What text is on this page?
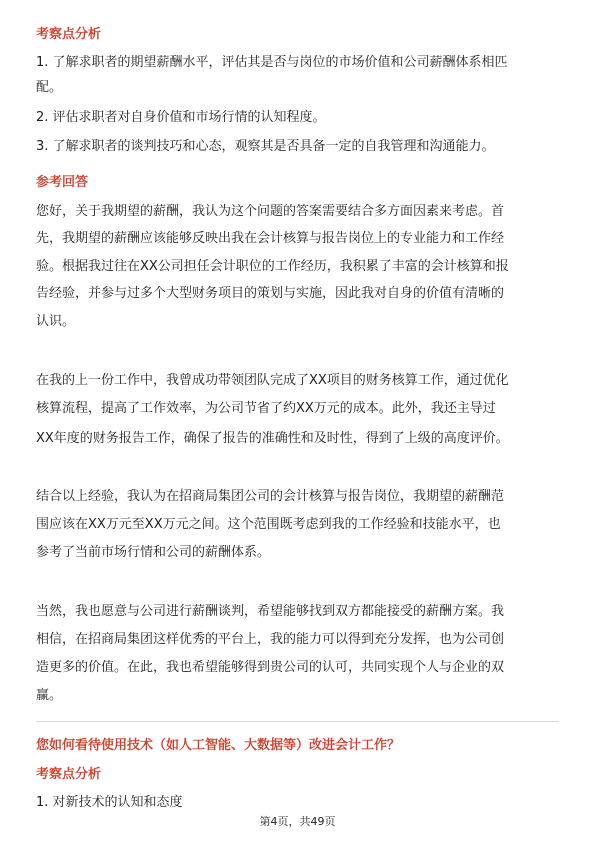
考察点分析
1. 了解求职者的期望薪酬水平，评估其是否与岗位的市场价值和公司薪酬体系相匹
配。
2. 评估求职者对自身价值和市场行情的认知程度。
3. 了解求职者的谈判技巧和心态，观察其是否具备一定的自我管理和沟通能力。
参考回答
您好，关于我期望的薪酬，我认为这个问题的答案需要结合多方面因素来考虑。首
先，我期望的薪酬应该能够反映出我在会计核算与报告岗位上的专业能力和工作经
验。根据我过往在XX公司担任会计职位的工作经历，我积累了丰富的会计核算和报
告经验，并参与过多个大型财务项目的策划与实施，因此我对自身的价值有清晰的
认识。
在我的上一份工作中，我曾成功带领团队完成了XX项目的财务核算工作，通过优化
核算流程，提高了工作效率，为公司节省了约XX万元的成本。此外，我还主导过
XX年度的财务报告工作，确保了报告的准确性和及时性，得到了上级的高度评价。
结合以上经验，我认为在招商局集团公司的会计核算与报告岗位，我期望的薪酬范
围应该在XX万元至XX万元之间。这个范围既考虑到我的工作经验和技能水平，也
参考了当前市场行情和公司的薪酬体系。
当然，我也愿意与公司进行薪酬谈判，希望能够找到双方都能接受的薪酬方案。我
相信，在招商局集团这样优秀的平台上，我的能力可以得到充分发挥，也为公司创
造更多的价值。在此，我也希望能够得到贵公司的认可，共同实现个人与企业的双
赢。
您如何看待使用技术（如人工智能、大数据等）改进会计工作？
考察点分析
1. 对新技术的认知和态度
第4页，共49页
